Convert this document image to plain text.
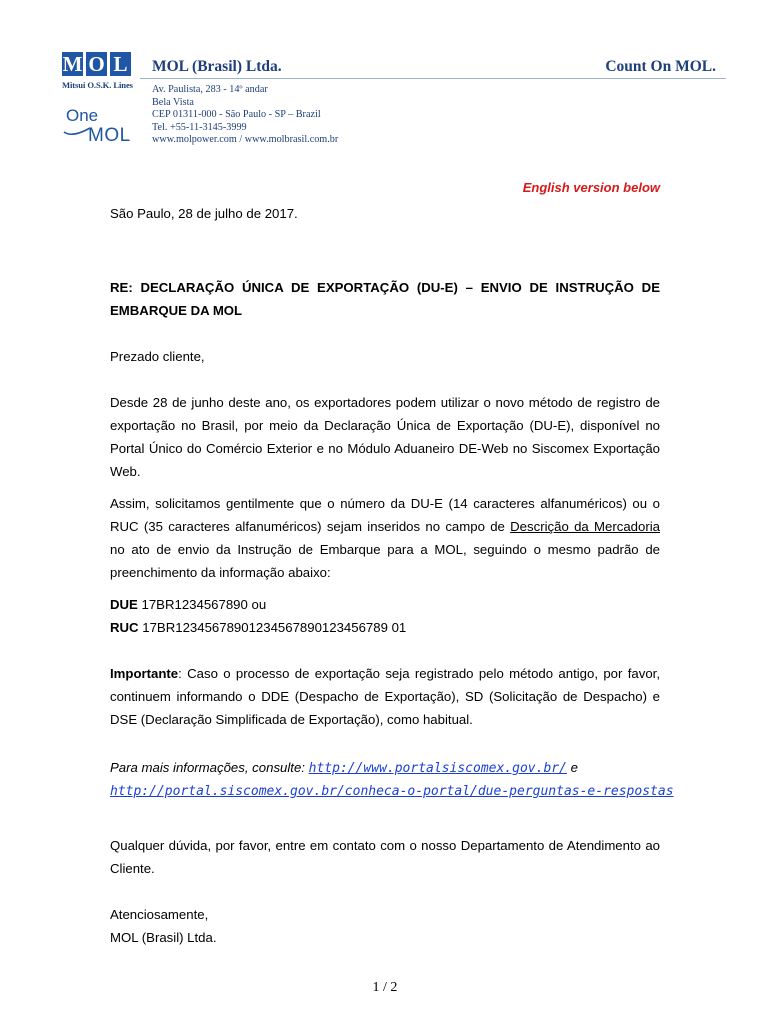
M O L
Mitsui O.S.K. Lines
One
MOL
MOL (Brasil) Ltda.	Count On MOL.
Av. Paulista, 283 - 14º andar
Bela Vista
CEP 01311-000 - São Paulo - SP – Brazil
Tel. +55-11-3145-3999
www.molpower.com / www.molbrasil.com.br
English version below
São Paulo, 28 de julho de 2017.
RE: DECLARAÇÃO ÚNICA DE EXPORTAÇÃO (DU-E) – ENVIO DE INSTRUÇÃO DE EMBARQUE DA MOL
Prezado cliente,
Desde 28 de junho deste ano, os exportadores podem utilizar o novo método de registro de exportação no Brasil, por meio da Declaração Única de Exportação (DU-E), disponível no Portal Único do Comércio Exterior e no Módulo Aduaneiro DE-Web no Siscomex Exportação Web.
Assim, solicitamos gentilmente que o número da DU-E (14 caracteres alfanuméricos) ou o RUC (35 caracteres alfanuméricos) sejam inseridos no campo de Descrição da Mercadoria no ato de envio da Instrução de Embarque para a MOL, seguindo o mesmo padrão de preenchimento da informação abaixo:
DUE 17BR1234567890 ou
RUC 17BR12345678901234567890123456789 01
Importante: Caso o processo de exportação seja registrado pelo método antigo, por favor, continuem informando o DDE (Despacho de Exportação), SD (Solicitação de Despacho) e DSE (Declaração Simplificada de Exportação), como habitual.
Para mais informações, consulte: http://www.portalsiscomex.gov.br/ e
http://portal.siscomex.gov.br/conheca-o-portal/due-perguntas-e-respostas
Qualquer dúvida, por favor, entre em contato com o nosso Departamento de Atendimento ao Cliente.
Atenciosamente,
MOL (Brasil) Ltda.
1 / 2
